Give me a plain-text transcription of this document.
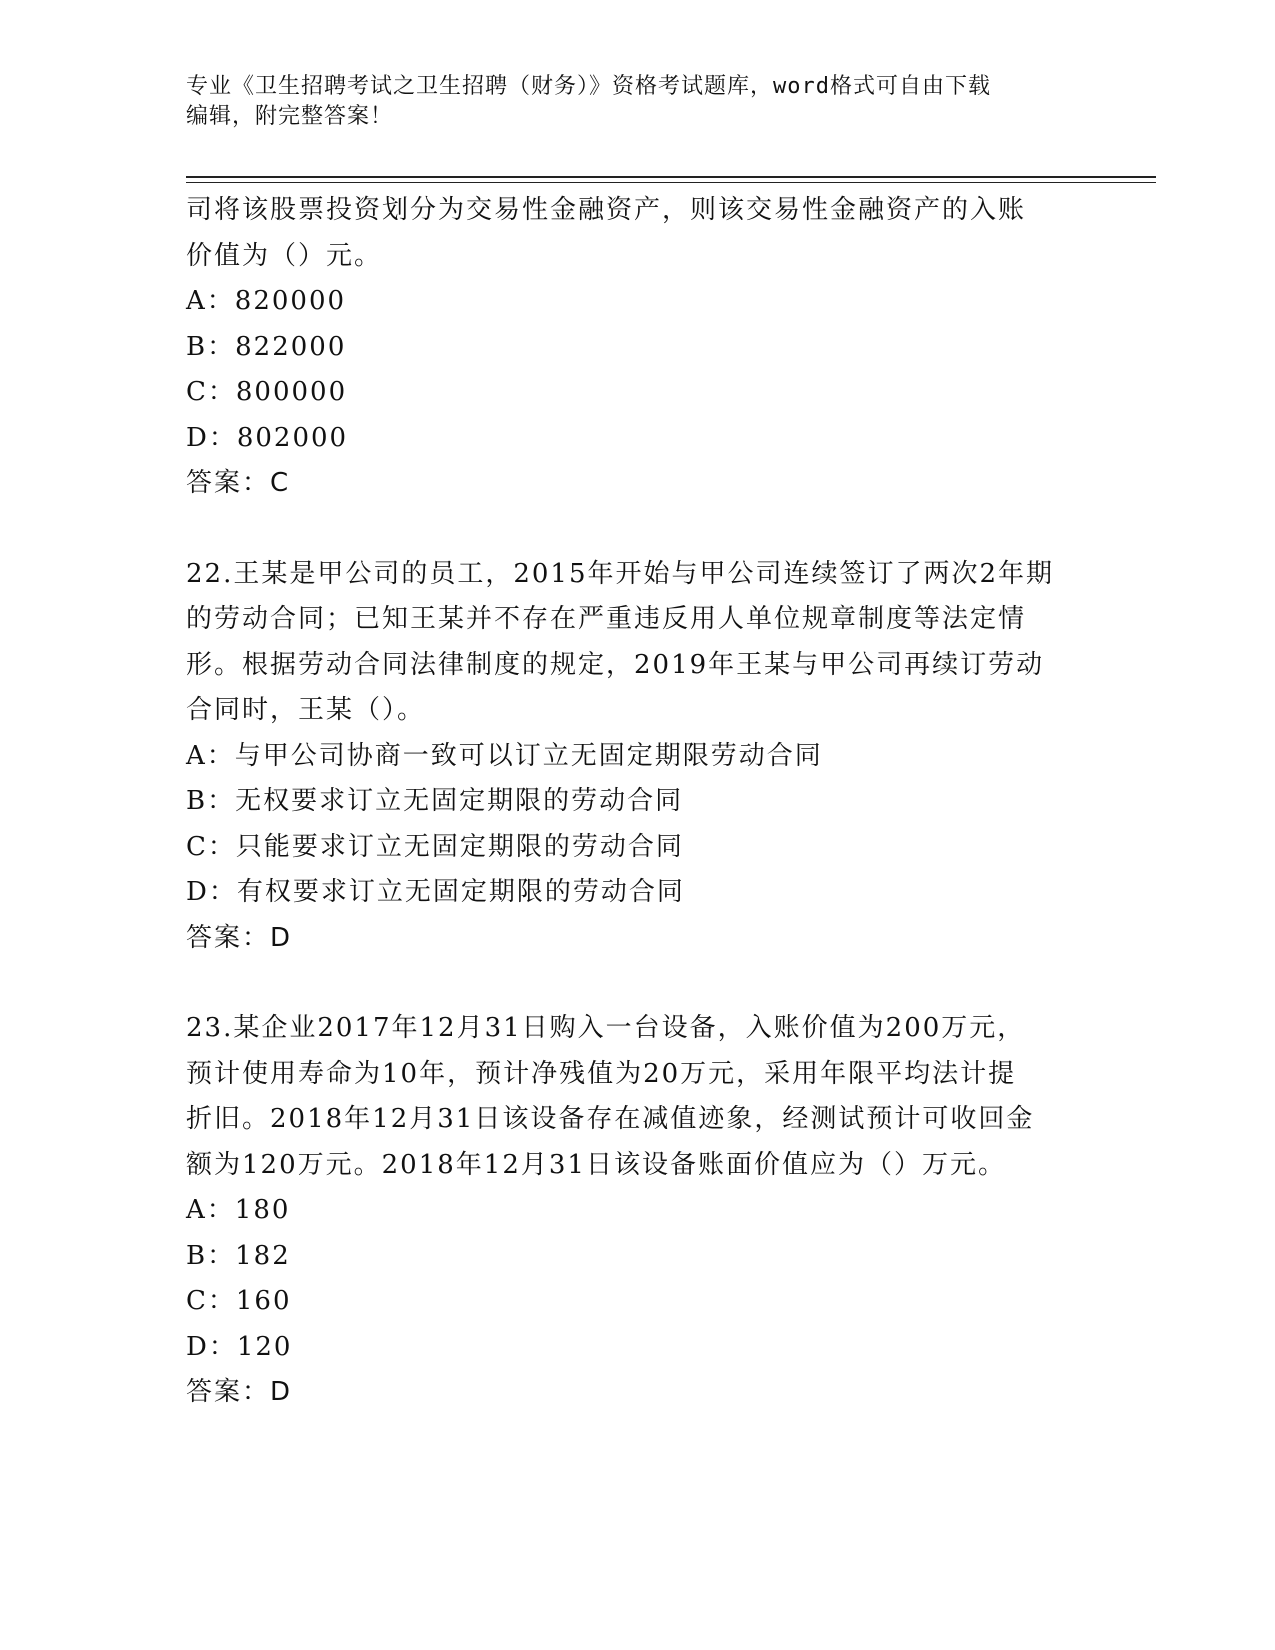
专业《卫生招聘考试之卫生招聘（财务）》资格考试题库，word格式可自由下载
编辑，附完整答案！
司将该股票投资划分为交易性金融资产，则该交易性金融资产的入账
价值为（）元。
A：820000
B：822000
C：800000
D：802000
答案：C
22.王某是甲公司的员工，2015年开始与甲公司连续签订了两次2年期
的劳动合同；已知王某并不存在严重违反用人单位规章制度等法定情
形。根据劳动合同法律制度的规定，2019年王某与甲公司再续订劳动
合同时，王某（）。
A：与甲公司协商一致可以订立无固定期限劳动合同
B：无权要求订立无固定期限的劳动合同
C：只能要求订立无固定期限的劳动合同
D：有权要求订立无固定期限的劳动合同
答案：D
23.某企业2017年12月31日购入一台设备，入账价值为200万元，
预计使用寿命为10年，预计净残值为20万元，采用年限平均法计提
折旧。2018年12月31日该设备存在减值迹象，经测试预计可收回金
额为120万元。2018年12月31日该设备账面价值应为（）万元。
A：180
B：182
C：160
D：120
答案：D
